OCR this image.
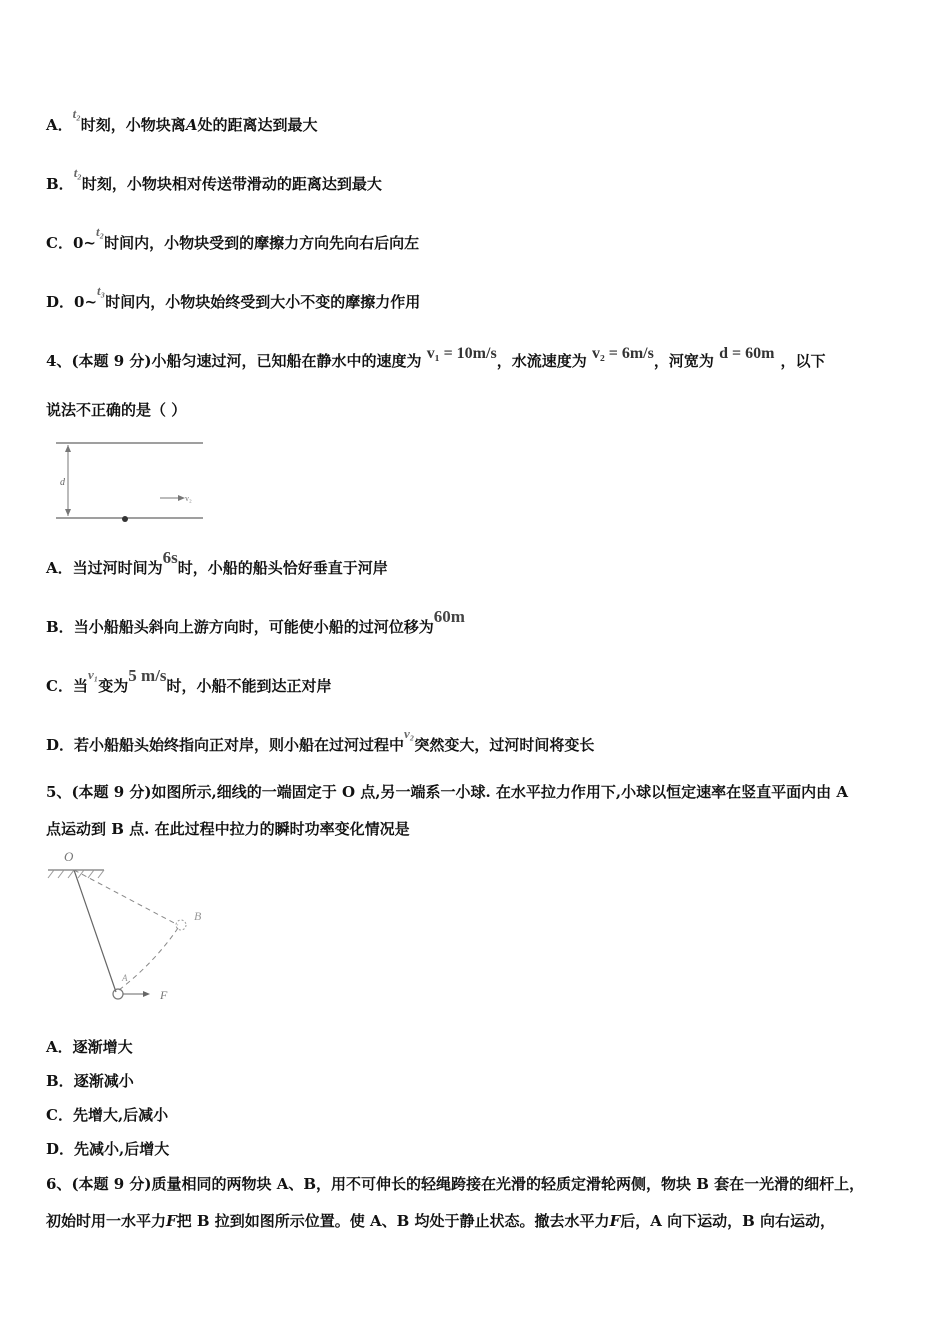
A．t₂时刻，小物块离A处的距离达到最大
B．t₂时刻，小物块相对传送带滑动的距离达到最大
C．0~t₂时间内，小物块受到的摩擦力方向先向右后向左
D．0~t₃时间内，小物块始终受到大小不变的摩擦力作用
4、(本题 9 分)小船匀速过河，已知船在静水中的速度为 v₁ = 10m/s，水流速度为 v₂ = 6m/s，河宽为 d = 60m ，以下
说法不正确的是（ ）
d
v₂
A．当过河时间为6s时，小船的船头恰好垂直于河岸
B．当小船船头斜向上游方向时，可能使小船的过河位移为60m
C．当v₁变为5 m/s时，小船不能到达正对岸
D．若小船船头始终指向正对岸，则小船在过河过程中v₂突然变大，过河时间将变长
5、(本题 9 分)如图所示,细线的一端固定于 O 点,另一端系一小球. 在水平拉力作用下,小球以恒定速率在竖直平面内由 A
点运动到 B 点. 在此过程中拉力的瞬时功率变化情况是
O
B
A
F
A．逐渐增大
B．逐渐减小
C．先增大,后减小
D．先减小,后增大
6、(本题 9 分)质量相同的两物块 A、B，用不可伸长的轻绳跨接在光滑的轻质定滑轮两侧，物块 B 套在一光滑的细杆上，
初始时用一水平力F把 B 拉到如图所示位置。使 A、B 均处于静止状态。撤去水平力F后，A 向下运动，B 向右运动，
